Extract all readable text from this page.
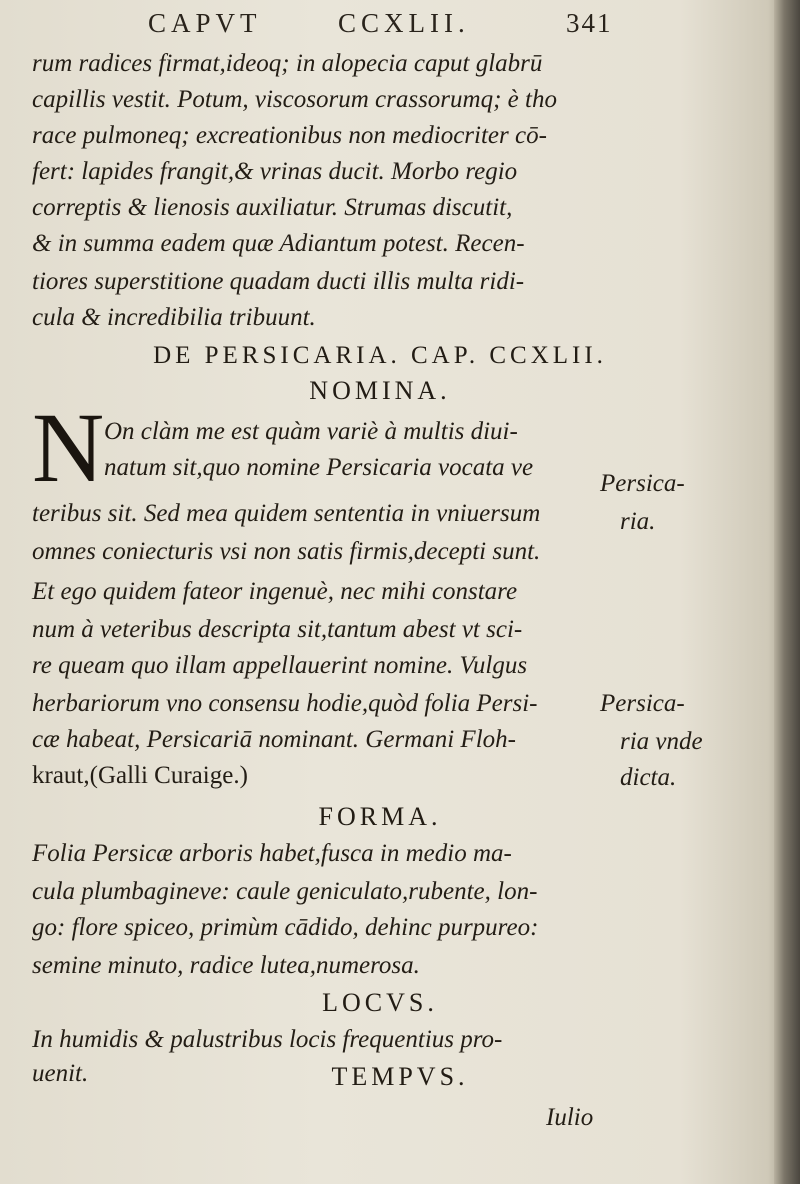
CAPVT	CCXLII.	341
rum radices firmat,ideoq; in alopecia caput glabrū
capillis vestit. Potum, viscosorum crassorumq; è tho
race pulmoneq; excreationibus non mediocriter cō-
fert: lapides frangit,& vrinas ducit. Morbo regio
correptis & lienosis auxiliatur. Strumas discutit,
& in summa eadem quæ Adiantum potest. Recen-
tiores superstitione quadam ducti illis multa ridi-
cula & incredibilia tribuunt.
DE PERSICARIA. CAP. CCXLII.
NOMINA.
N On clàm me est quàm variè à multis diui-
natum sit,quo nomine Persicaria vocata ve
teribus sit. Sed mea quidem sententia in vniuersum
omnes coniecturis vsi non satis firmis,decepti sunt.
Et ego quidem fateor ingenuè, nec mihi constare
num à veteribus descripta sit,tantum abest vt sci-
re queam quo illam appellauerint nomine. Vulgus
herbariorum vno consensu hodie,quòd folia Persi-
cæ habeat, Persicariā nominant. Germani Floh-
kraut,(Galli Curaige.)
Persica-
ria.
Persica-
ria vnde
dicta.
FORMA.
Folia Persicæ arboris habet,fusca in medio ma-
cula plumbagineve: caule geniculato,rubente, lon-
go: flore spiceo, primùm cādido, dehinc purpureo:
semine minuto, radice lutea,numerosa.
LOCVS.
In humidis & palustribus locis frequentius pro-
uenit.	TEMPVS.
Iulio
